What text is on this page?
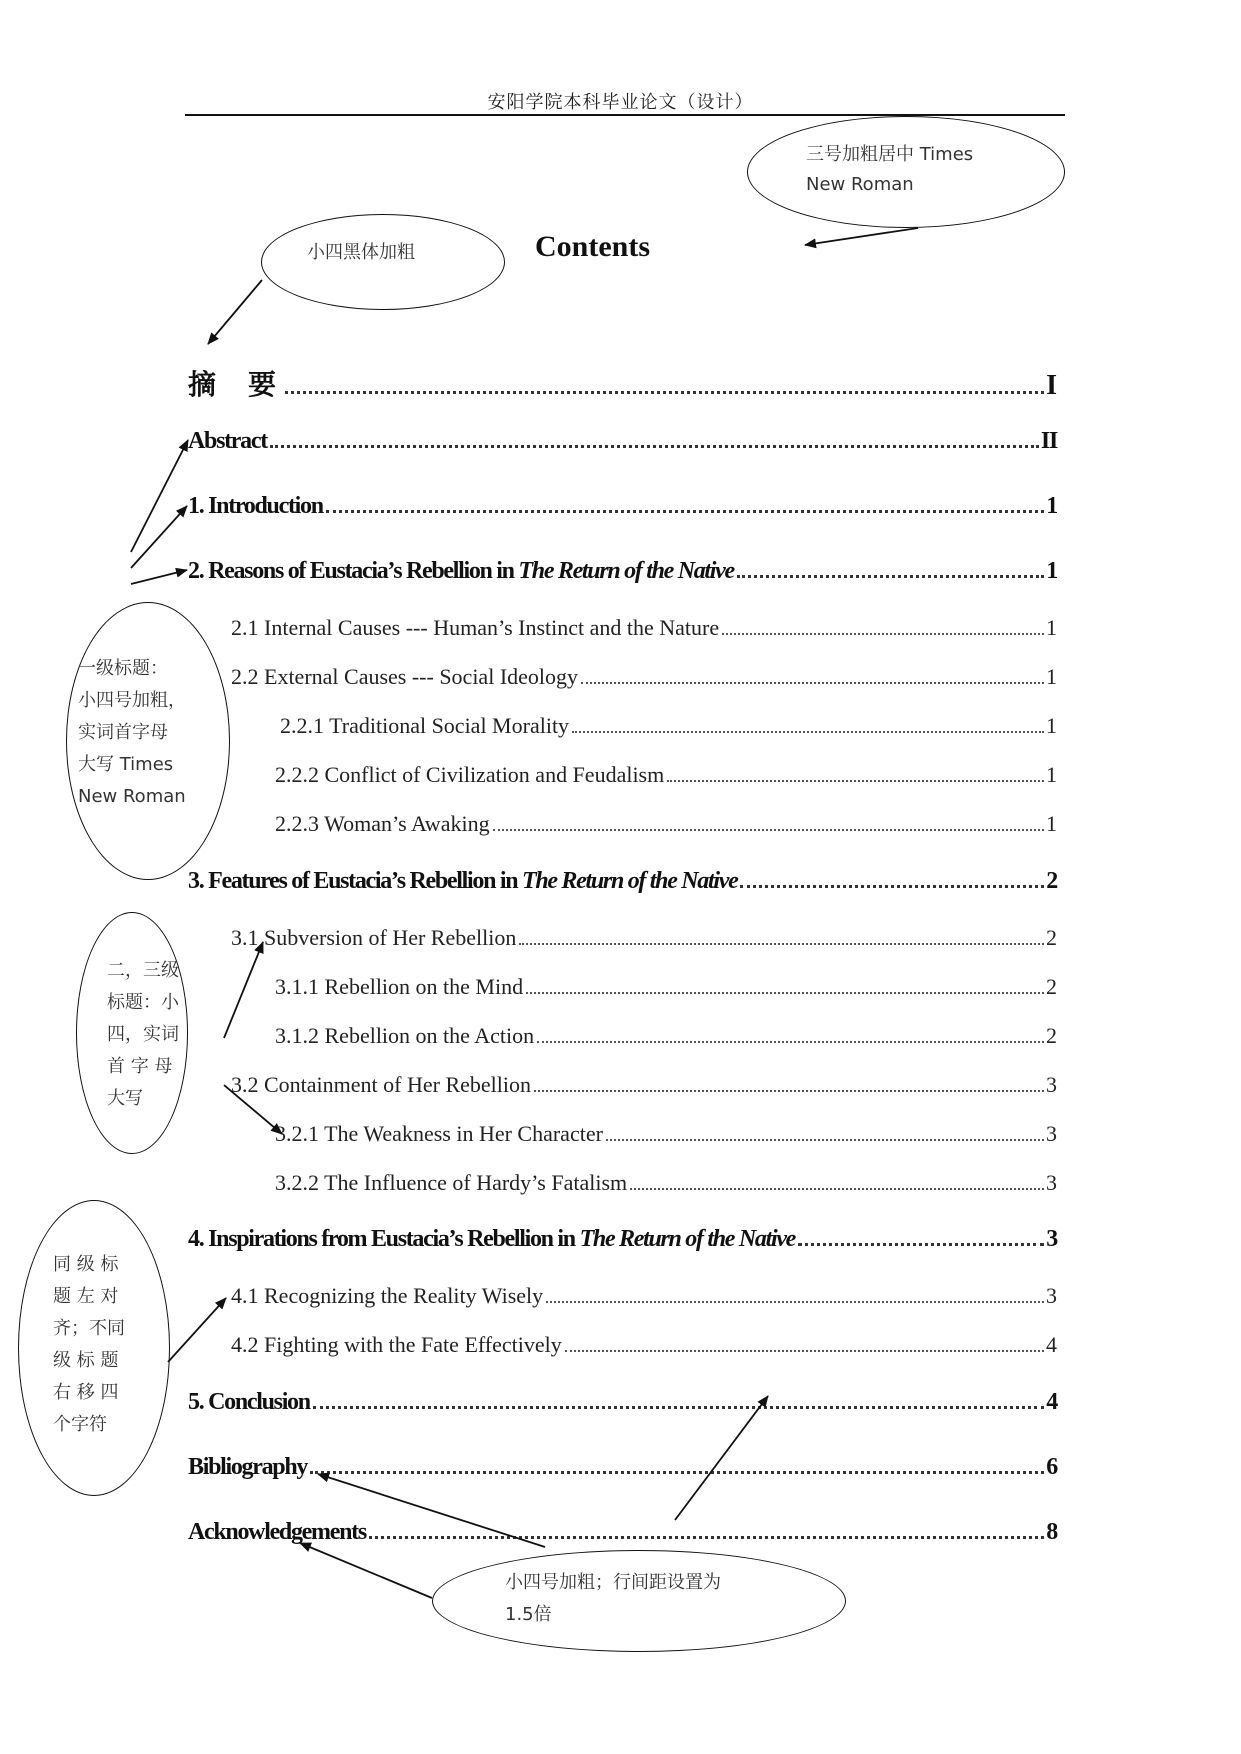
安阳学院本科毕业论文（设计）
Contents
摘  要	I
Abstract	II
1. Introduction	1
2. Reasons of Eustacia’s Rebellion in The Return of the Native	1
2.1 Internal Causes --- Human’s Instinct and the Nature	1
2.2 External Causes --- Social Ideology	1
2.2.1 Traditional Social Morality	1
2.2.2 Conflict of Civilization and Feudalism	1
2.2.3 Woman’s Awaking	1
3. Features of Eustacia’s Rebellion in The Return of the Native	2
3.1 Subversion of Her Rebellion	2
3.1.1 Rebellion on the Mind	2
3.1.2 Rebellion on the Action	2
3.2 Containment of Her Rebellion	3
3.2.1 The Weakness in Her Character	3
3.2.2 The Influence of Hardy’s Fatalism	3
4. Inspirations from Eustacia’s Rebellion in The Return of the Native	3
4.1 Recognizing the Reality Wisely	3
4.2 Fighting with the Fate Effectively	4
5. Conclusion	4
Bibliography	6
Acknowledgements	8
三号加粗居中 Times
New Roman
小四黑体加粗
一级标题：
小四号加粗，
实词首字母
大写 Times
New Roman
二，三级
标题：小
四，实词
首 字 母
大写
同 级 标
题 左 对
齐；不同
级 标 题
右 移 四
个字符
小四号加粗；行间距设置为
1.5倍
